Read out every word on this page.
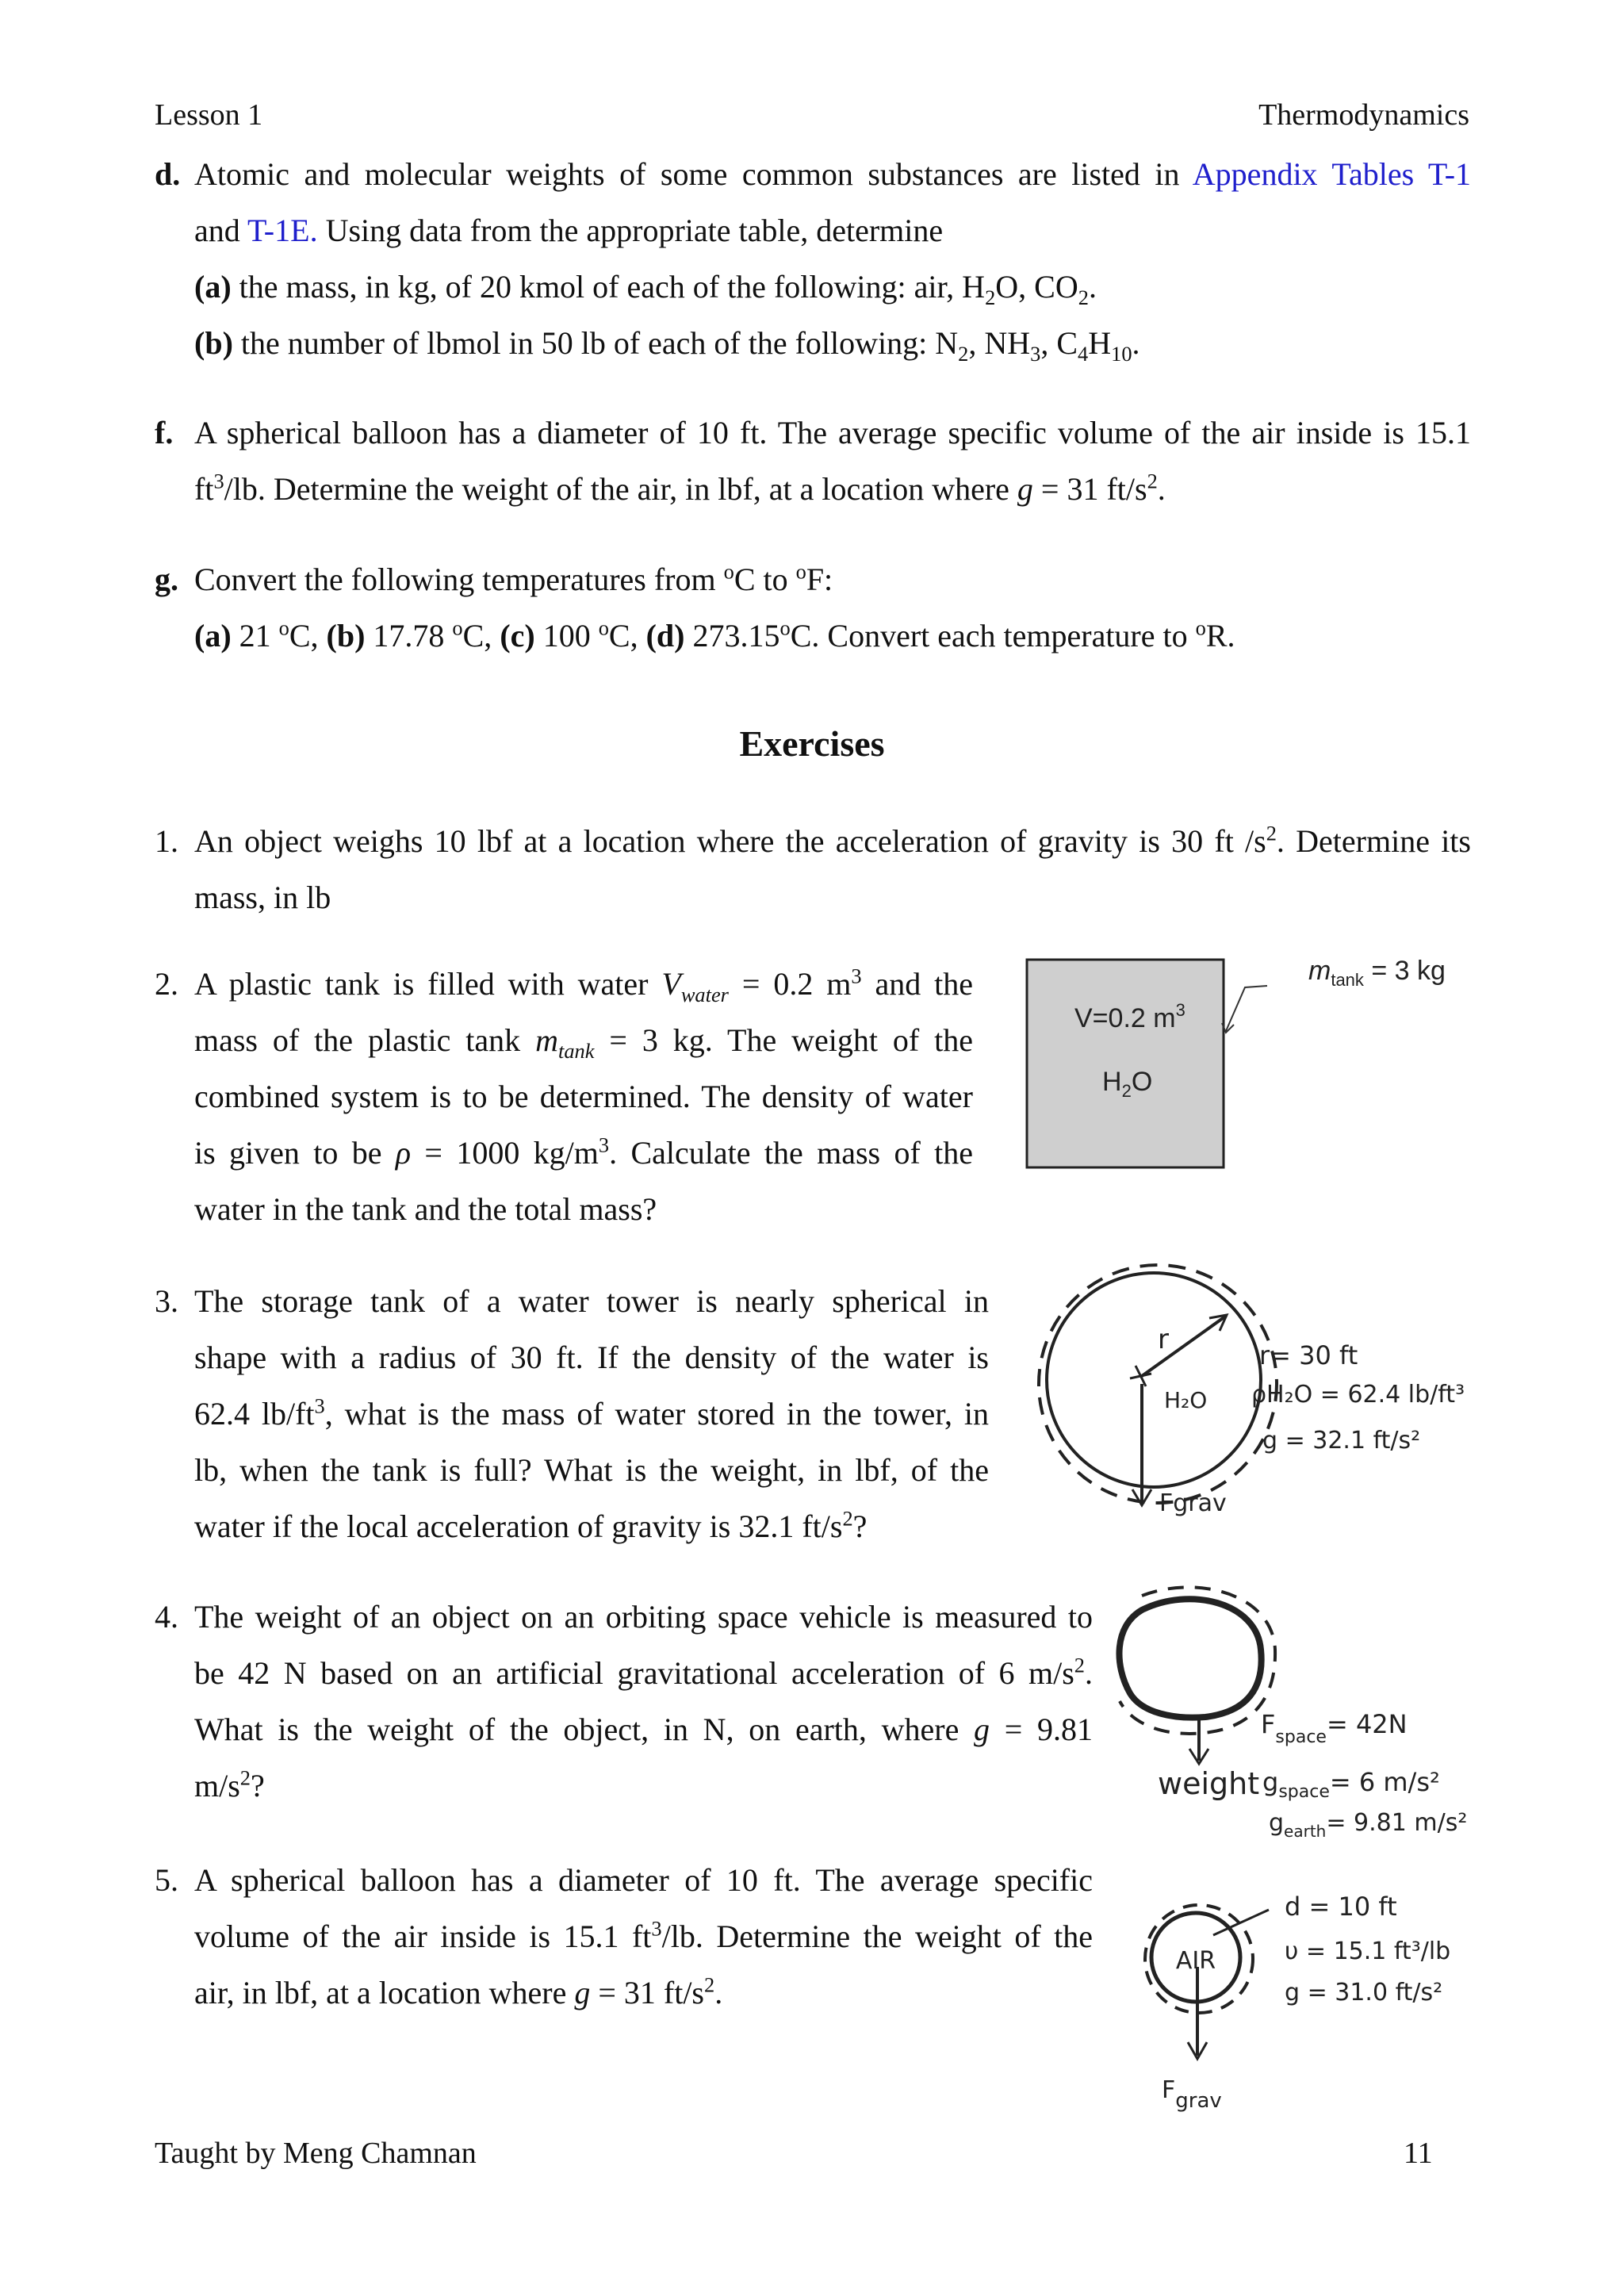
Lesson 1	Thermodynamics
d. Atomic and molecular weights of some common substances are listed in Appendix Tables T-1
and T-1E. Using data from the appropriate table, determine
(a) the mass, in kg, of 20 kmol of each of the following: air, $H_2O$, $CO_2$.
(b) the number of lbmol in 50 lb of each of the following: $N_2$, $NH_3$, $C_4H_{10}$.
f. A spherical balloon has a diameter of 10 ft. The average specific volume of the air inside is 15.1
$ft^3/lb$. Determine the weight of the air, in lbf, at a location where g = 31 $ft/s^2$.
g. Convert the following temperatures from $^o$C to $^o$F:
(a) 21 $^o$C, (b) 17.78 $^o$C, (c) 100 $^o$C, (d) 273.15$^o$C. Convert each temperature to $^o$R.
Exercises
1. An object weighs 10 lbf at a location where the acceleration of gravity is 30 ft $/s^2$. Determine its
mass, in lb
2. A plastic tank is filled with water $V_{water} = 0.2$ $m^3$ and the
mass of the plastic tank $m_{tank} = 3$ kg. The weight of the
combined system is to be determined. The density of water
is given to be ρ = 1000 $kg/m^3$. Calculate the mass of the
water in the tank and the total mass?
V=0.2 $m^3$
$H_2O$
$m_{tank} = 3$ kg
3. The storage tank of a water tower is nearly spherical in
shape with a radius of 30 ft. If the density of the water is
62.4 $lb/ft^3$, what is the mass of water stored in the tower, in
lb, when the tank is full? What is the weight, in lbf, of the
water if the local acceleration of gravity is 32.1 $ft/s^2$?
r
H₂O
Fgrav
r= 30 ft
ρH₂O = 62.4 lb/ft³
g = 32.1 ft/s²
4. The weight of an object on an orbiting space vehicle is measured to
be 42 N based on an artificial gravitational acceleration of 6 $m/s^2$.
What is the weight of the object, in N, on earth, where g = 9.81
$m/s^2$?	weight
$F_{space}= 42N$
$g_{space}= 6$ m/s²
$g_{earth}= 9.81$ m/s²
5. A spherical balloon has a diameter of 10 ft. The average specific
volume of the air inside is 15.1 $ft^3/lb$. Determine the weight of the
air, in lbf, at a location where g = 31 $ft/s^2$.
AIR
Fgrav
d = 10 ft
υ = 15.1 ft³/lb
g = 31.0 ft/s²
Taught by Meng Chamnan	11
